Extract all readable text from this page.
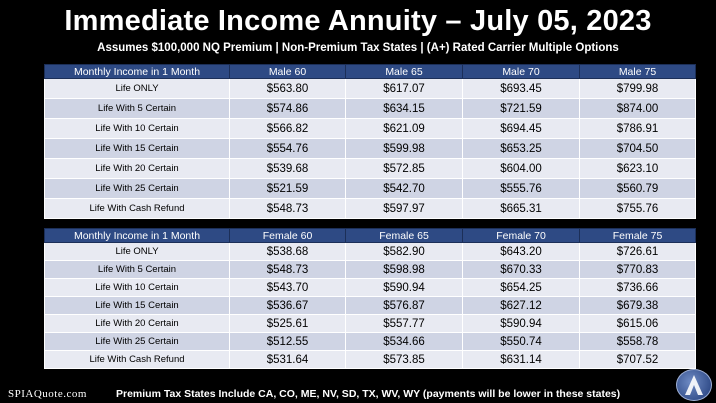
Immediate Income Annuity – July 05, 2023
Assumes $100,000 NQ Premium | Non-Premium Tax States | (A+) Rated Carrier Multiple Options
Monthly Income in 1 Month	Male 60	Male 65	Male 70	Male 75
Life ONLY	$563.80	$617.07	$693.45	$799.98
Life With 5 Certain	$574.86	$634.15	$721.59	$874.00
Life With 10 Certain	$566.82	$621.09	$694.45	$786.91
Life With 15 Certain	$554.76	$599.98	$653.25	$704.50
Life With 20 Certain	$539.68	$572.85	$604.00	$623.10
Life With 25 Certain	$521.59	$542.70	$555.76	$560.79
Life With Cash Refund	$548.73	$597.97	$665.31	$755.76
Monthly Income in 1 Month	Female 60	Female 65	Female 70	Female 75
Life ONLY	$538.68	$582.90	$643.20	$726.61
Life With 5 Certain	$548.73	$598.98	$670.33	$770.83
Life With 10 Certain	$543.70	$590.94	$654.25	$736.66
Life With 15 Certain	$536.67	$576.87	$627.12	$679.38
Life With 20 Certain	$525.61	$557.77	$590.94	$615.06
Life With 25 Certain	$512.55	$534.66	$550.74	$558.78
Life With Cash Refund	$531.64	$573.85	$631.14	$707.52
SPIAQuote.com	Premium Tax States Include CA, CO, ME, NV, SD, TX, WV, WY (payments will be lower in these states)
